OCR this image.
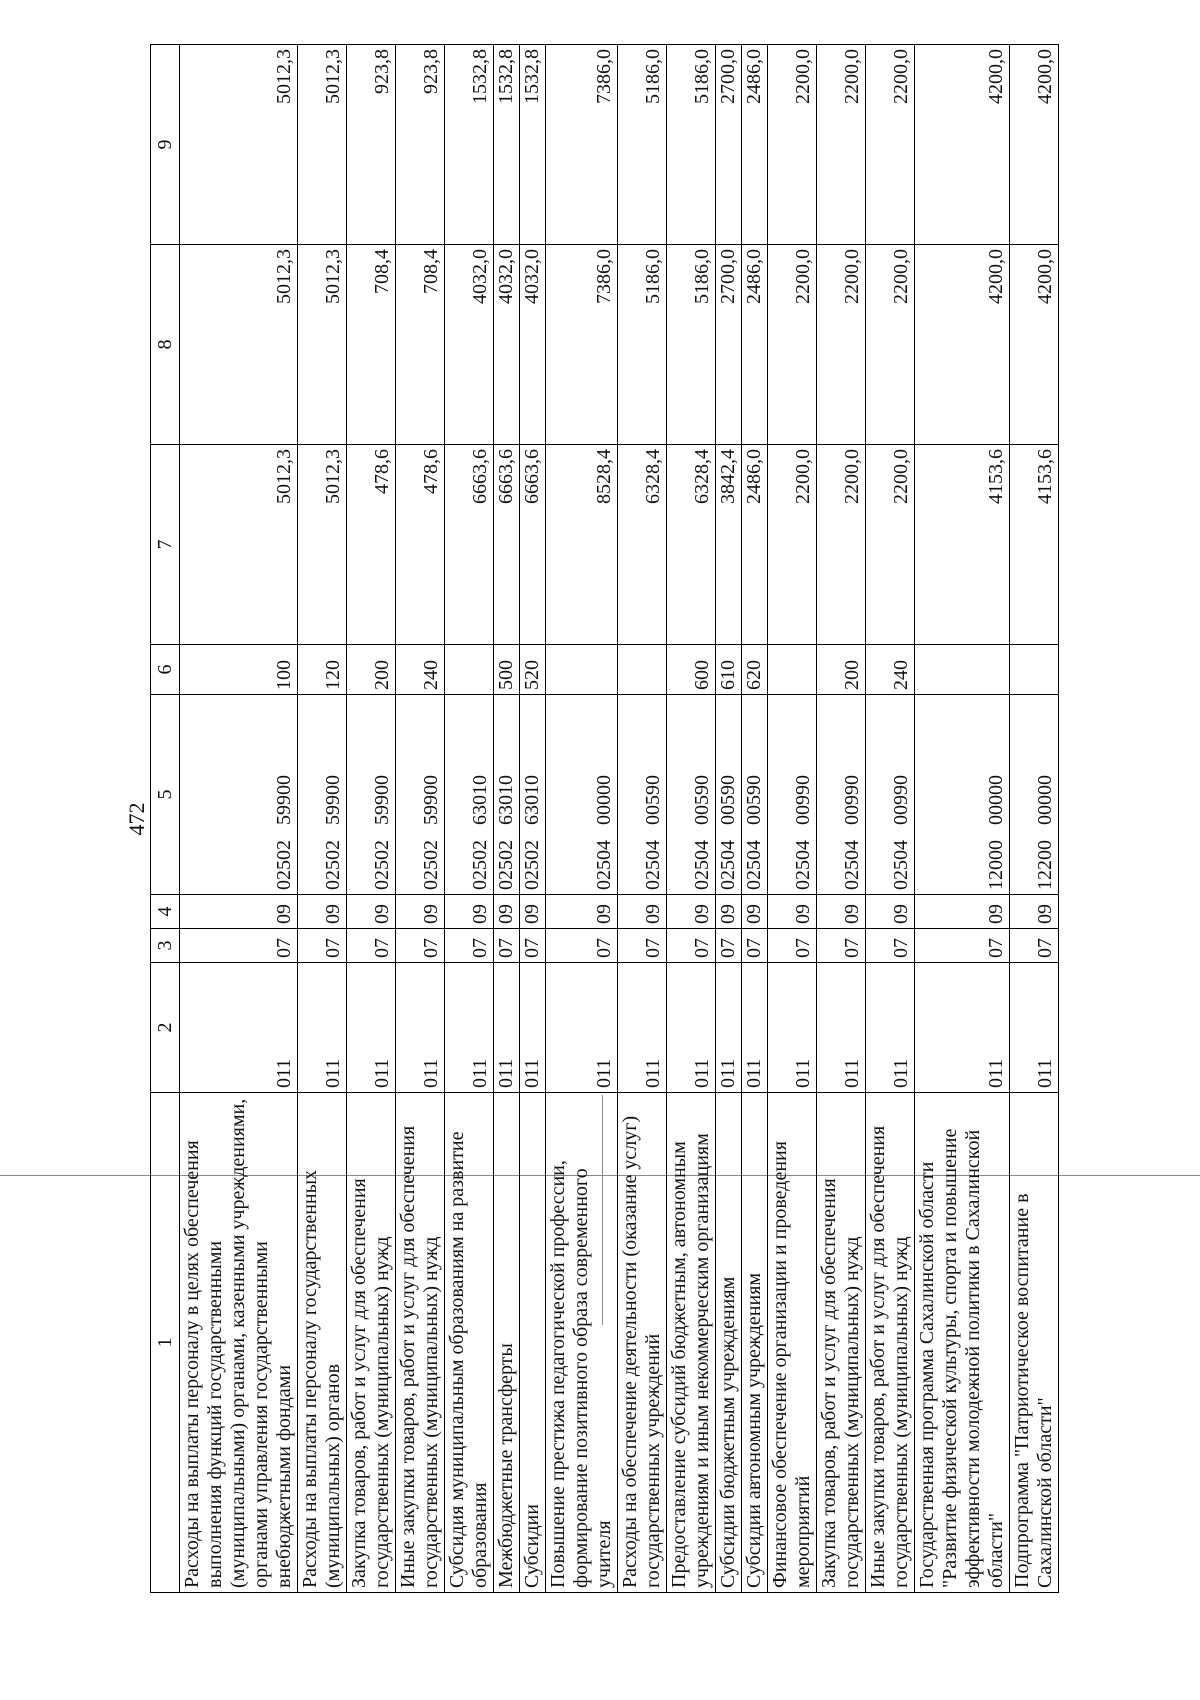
472
1	2	3	4	5	6	7	8	9
Расходы на выплаты персоналу в целях обеспечения выполнения функций государственными (муниципальными) органами, казенными учреждениями, органами управления государственными внебюджетными фондами	011	07	09	02502   59900	100	5012,3	5012,3	5012,3
Расходы на выплаты персоналу государственных (муниципальных) органов	011	07	09	02502   59900	120	5012,3	5012,3	5012,3
Закупка товаров, работ и услуг для обеспечения государственных (муниципальных) нужд	011	07	09	02502   59900	200	478,6	708,4	923,8
Иные закупки товаров, работ и услуг для обеспечения государственных (муниципальных) нужд	011	07	09	02502   59900	240	478,6	708,4	923,8
Субсидия муниципальным образованиям на развитие образования	011	07	09	02502   63010		6663,6	4032,0	1532,8
Межбюджетные трансферты	011	07	09	02502   63010	500	6663,6	4032,0	1532,8
Субсидии	011	07	09	02502   63010	520	6663,6	4032,0	1532,8
Повышение престижа педагогической профессии, формирование позитивного образа современного учителя	011	07	09	02504   00000		8528,4	7386,0	7386,0
Расходы на обеспечение деятельности (оказание услуг) государственных учреждений	011	07	09	02504   00590		6328,4	5186,0	5186,0
Предоставление субсидий бюджетным, автономным учреждениям и иным некоммерческим организациям	011	07	09	02504   00590	600	6328,4	5186,0	5186,0
Субсидии бюджетным учреждениям	011	07	09	02504   00590	610	3842,4	2700,0	2700,0
Субсидии автономным учреждениям	011	07	09	02504   00590	620	2486,0	2486,0	2486,0
Финансовое обеспечение организации и проведения мероприятий	011	07	09	02504   00990		2200,0	2200,0	2200,0
Закупка товаров, работ и услуг для обеспечения государственных (муниципальных) нужд	011	07	09	02504   00990	200	2200,0	2200,0	2200,0
Иные закупки товаров, работ и услуг для обеспечения государственных (муниципальных) нужд	011	07	09	02504   00990	240	2200,0	2200,0	2200,0
Государственная программа Сахалинской области "Развитие физической культуры, спорта и повышение эффективности молодежной политики в Сахалинской области"	011	07	09	12000   00000		4153,6	4200,0	4200,0
Подпрограмма "Патриотическое воспитание в Сахалинской области"	011	07	09	12200   00000		4153,6	4200,0	4200,0
